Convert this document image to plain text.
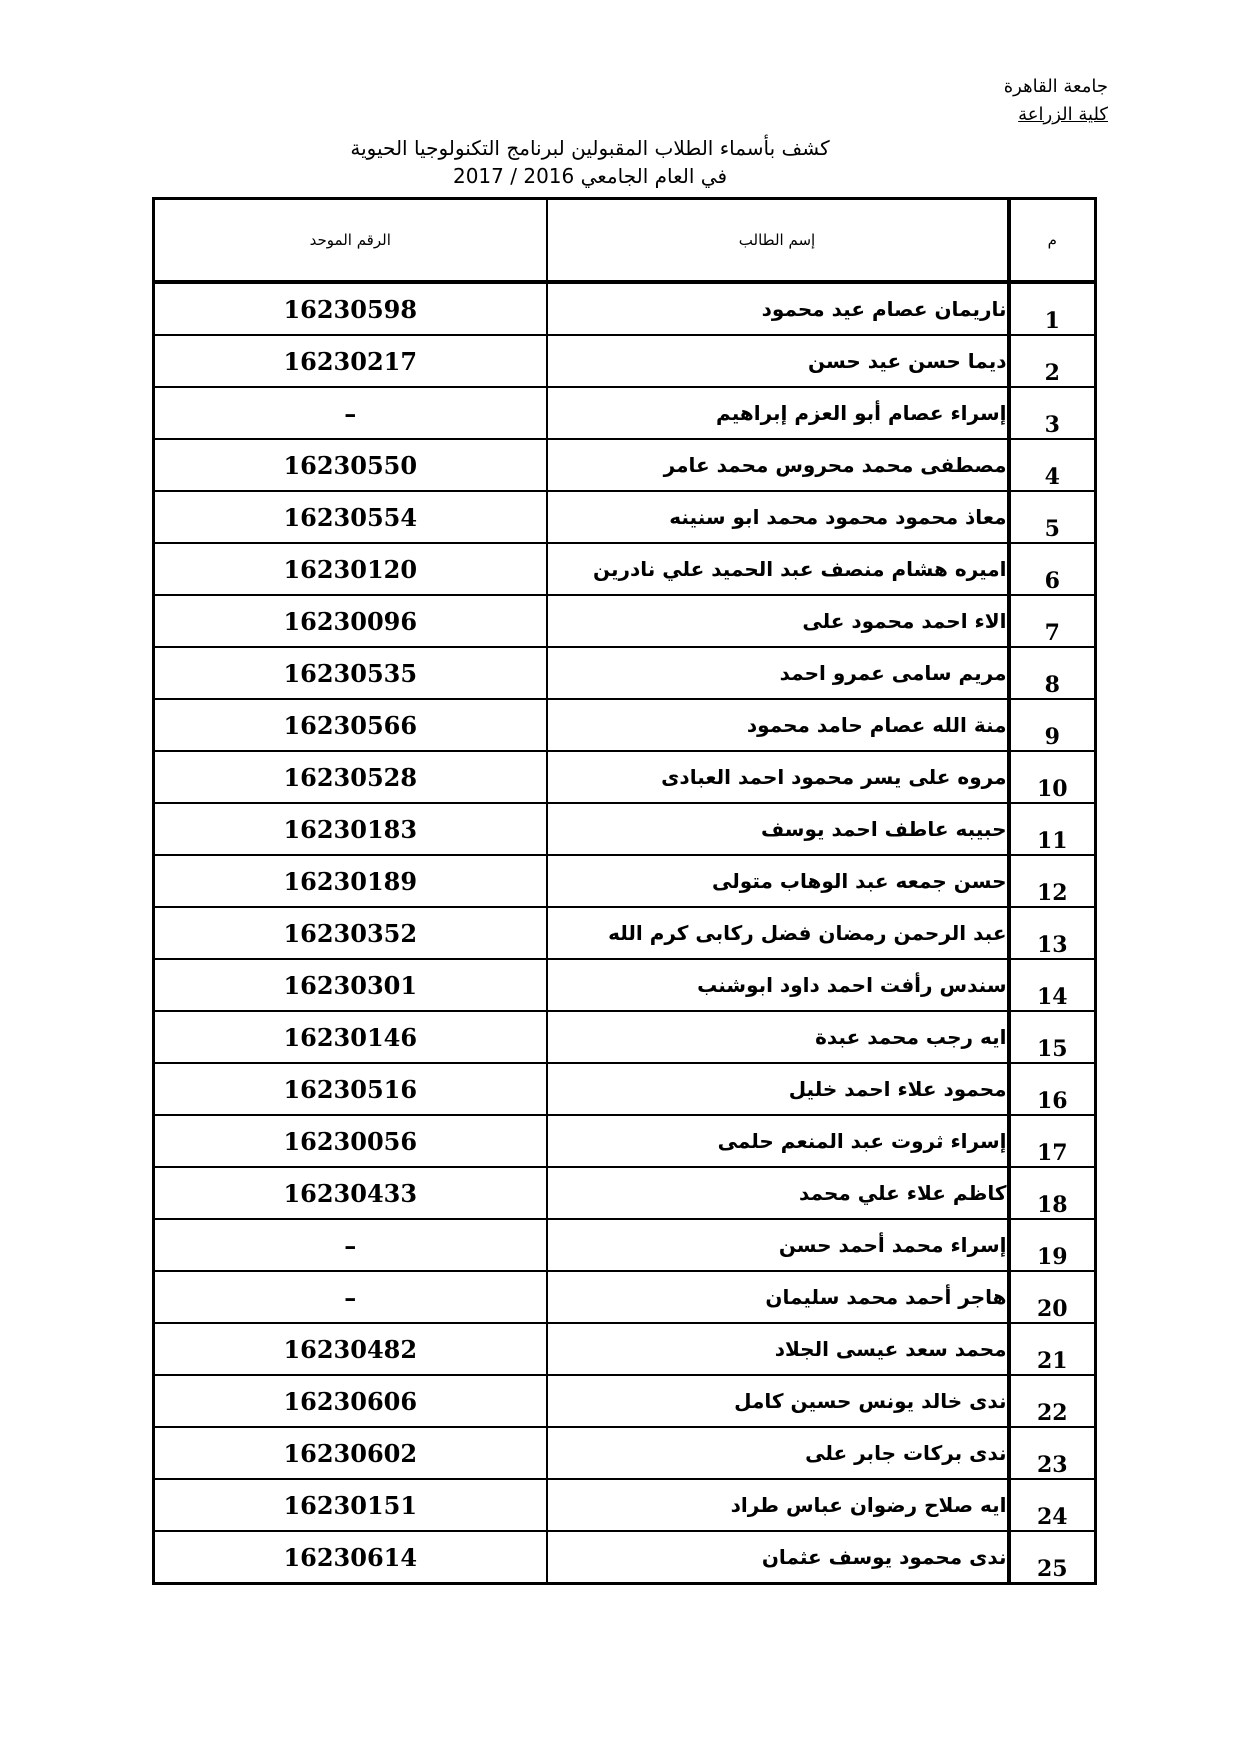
جامعة القاهرة
كلية الزراعة
كشف بأسماء الطلاب المقبولين لبرنامج التكنولوجيا الحيوية
في العام الجامعي 2016 / 2017
الرقم الموحد	إسم الطالب	م
16230598	ناريمان عصام عيد محمود	1
16230217	ديما حسن عيد حسن	2
–	إسراء عصام أبو العزم إبراهيم	3
16230550	مصطفى محمد محروس محمد عامر	4
16230554	معاذ محمود محمود محمد ابو سنينه	5
16230120	اميره هشام منصف عبد الحميد علي نادرين	6
16230096	الاء احمد محمود على	7
16230535	مريم سامى عمرو احمد	8
16230566	منة الله عصام حامد محمود	9
16230528	مروه على يسر محمود احمد العبادى	10
16230183	حبيبه عاطف احمد يوسف	11
16230189	حسن جمعه عبد الوهاب متولى	12
16230352	عبد الرحمن رمضان فضل ركابى كرم الله	13
16230301	سندس رأفت احمد داود ابوشنب	14
16230146	ايه رجب محمد عبدة	15
16230516	محمود علاء احمد خليل	16
16230056	إسراء ثروت عبد المنعم حلمى	17
16230433	كاظم علاء علي محمد	18
–	إسراء محمد أحمد حسن	19
–	هاجر أحمد محمد سليمان	20
16230482	محمد سعد عيسى الجلاد	21
16230606	ندى خالد يونس حسين كامل	22
16230602	ندى بركات جابر على	23
16230151	ايه صلاح رضوان عباس طراد	24
16230614	ندى محمود يوسف عثمان	25
